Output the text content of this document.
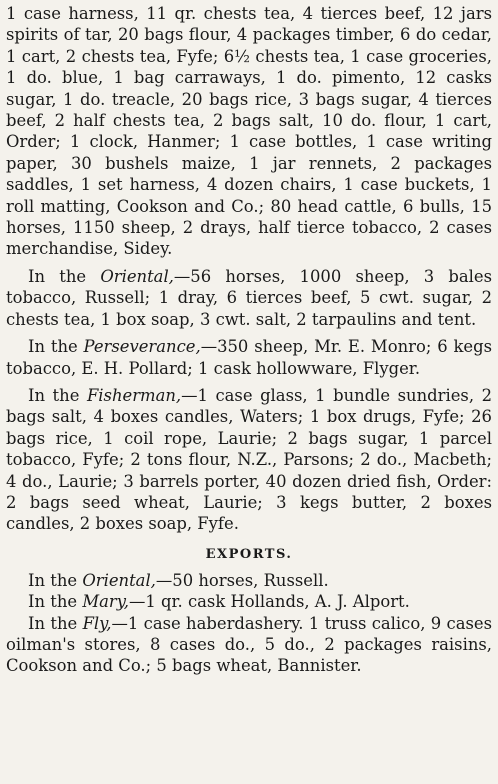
1 case harness, 11 qr. chests tea, 4 tierces beef, 12 jars spirits of tar, 20 bags flour, 4 packages timber, 6 do cedar, 1 cart, 2 chests tea, Fyfe; 6½ chests tea, 1 case groceries, 1 do. blue, 1 bag carraways, 1 do. pimento, 12 casks sugar, 1 do. treacle, 20 bags rice, 3 bags sugar, 4 tierces beef, 2 half chests tea, 2 bags salt, 10 do. flour, 1 cart, Order; 1 clock, Hanmer; 1 case bottles, 1 case writing paper, 30 bushels maize, 1 jar rennets, 2 packages saddles, 1 set harness, 4 dozen chairs, 1 case buckets, 1 roll matting, Cookson and Co.; 80 head cattle, 6 bulls, 15 horses, 1150 sheep, 2 drays, half tierce tobacco, 2 cases merchandise, Sidey.

In the Oriental,—56 horses, 1000 sheep, 3 bales tobacco, Russell; 1 dray, 6 tierces beef, 5 cwt. sugar, 2 chests tea, 1 box soap, 3 cwt. salt, 2 tarpaulins and tent.

In the Perseverance,—350 sheep, Mr. E. Monro; 6 kegs tobacco, E. H. Pollard; 1 cask hollowware, Flyger.

In the Fisherman,—1 case glass, 1 bundle sundries, 2 bags salt, 4 boxes candles, Waters; 1 box drugs, Fyfe; 26 bags rice, 1 coil rope, Laurie; 2 bags sugar, 1 parcel tobacco, Fyfe; 2 tons flour, N.Z., Parsons; 2 do., Macbeth; 4 do., Laurie; 3 barrels porter, 40 dozen dried fish, Order: 2 bags seed wheat, Laurie; 3 kegs butter, 2 boxes candles, 2 boxes soap, Fyfe.

EXPORTS.

In the Oriental,—50 horses, Russell.

In the Mary,—1 qr. cask Hollands, A. J. Alport.

In the Fly,—1 case haberdashery. 1 truss calico, 9 cases oilman's stores, 8 cases do., 5 do., 2 packages raisins, Cookson and Co.; 5 bags wheat, Bannister.
